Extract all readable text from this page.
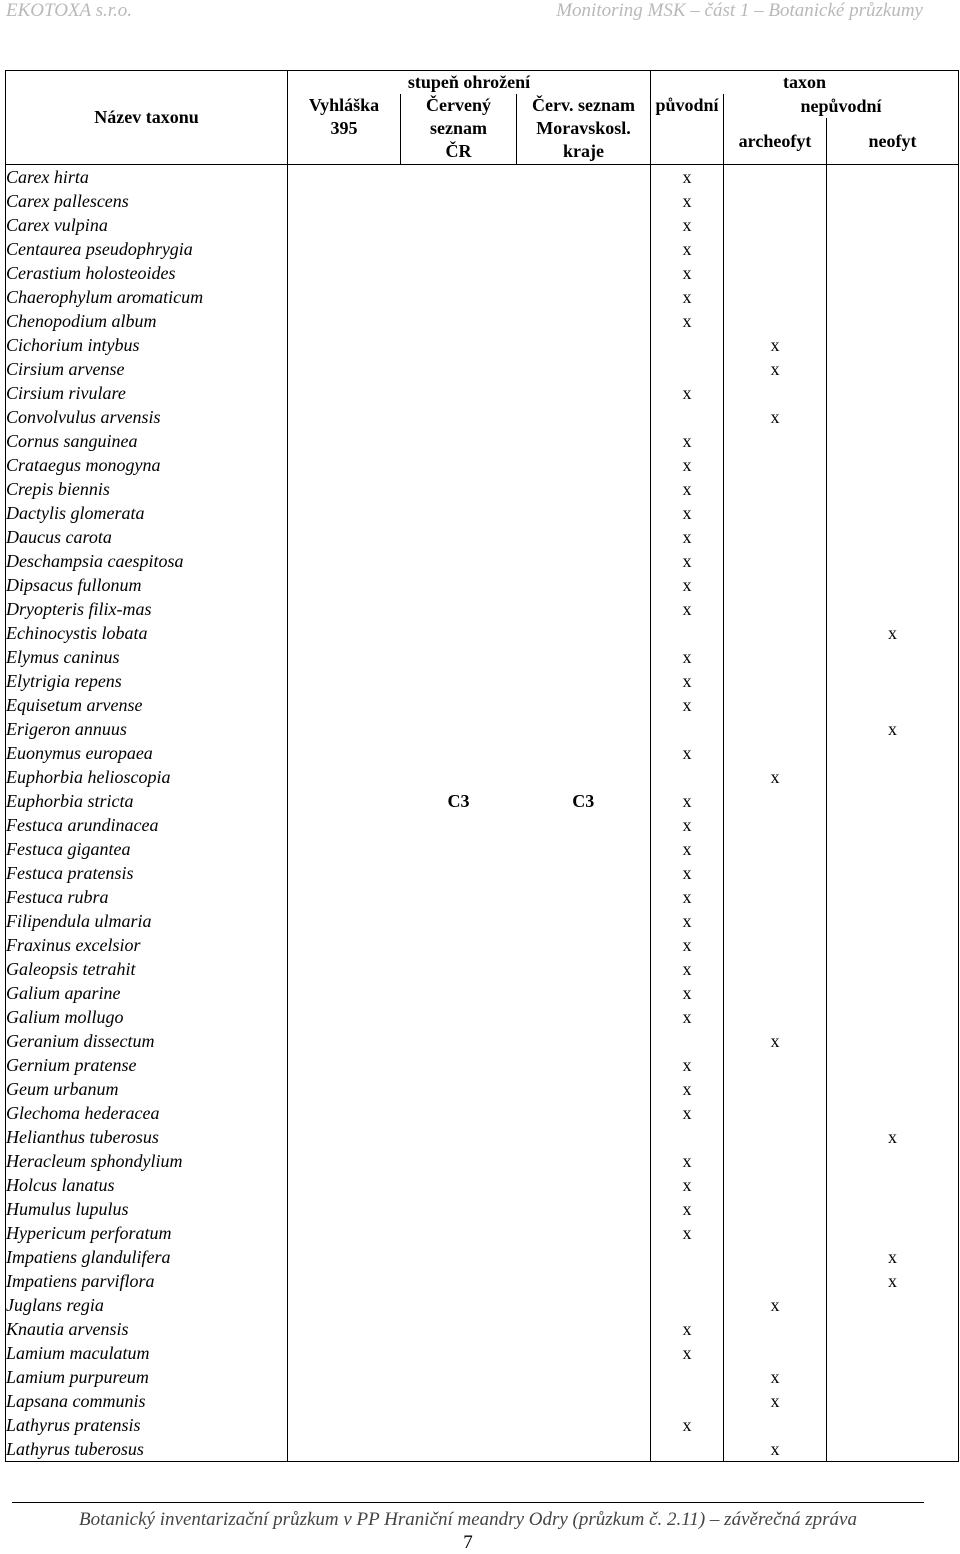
EKOTOXA s.r.o.	Monitoring MSK – část 1 – Botanické průzkumy
Název taxonu	stupeň ohrožení			taxon		
	Vyhláška 395	Červený seznam ČR	Červ. seznam Moravskosl. kraje	původní	nepůvodní	
					archeofyt	neofyt
Carex hirta				x		
Carex pallescens				x		
Carex vulpina				x		
Centaurea pseudophrygia				x		
Cerastium holosteoides				x		
Chaerophylum aromaticum				x		
Chenopodium album				x		
Cichorium intybus					x	
Cirsium arvense					x	
Cirsium rivulare				x		
Convolvulus arvensis					x	
Cornus sanguinea				x		
Crataegus monogyna				x		
Crepis biennis				x		
Dactylis glomerata				x		
Daucus carota				x		
Deschampsia caespitosa				x		
Dipsacus fullonum				x		
Dryopteris filix-mas				x		
Echinocystis lobata						x
Elymus caninus				x		
Elytrigia repens				x		
Equisetum arvense				x		
Erigeron annuus						x
Euonymus europaea				x		
Euphorbia helioscopia					x	
Euphorbia stricta		C3	C3	x		
Festuca arundinacea				x		
Festuca gigantea				x		
Festuca pratensis				x		
Festuca rubra				x		
Filipendula ulmaria				x		
Fraxinus excelsior				x		
Galeopsis tetrahit				x		
Galium aparine				x		
Galium mollugo				x		
Geranium dissectum					x	
Gernium pratense				x		
Geum urbanum				x		
Glechoma hederacea				x		
Helianthus tuberosus						x
Heracleum sphondylium				x		
Holcus lanatus				x		
Humulus lupulus				x		
Hypericum perforatum				x		
Impatiens glandulifera						x
Impatiens parviflora						x
Juglans regia					x	
Knautia arvensis				x		
Lamium maculatum				x		
Lamium purpureum					x	
Lapsana communis					x	
Lathyrus pratensis				x		
Lathyrus tuberosus					x	
Botanický inventarizační průzkum v PP Hraniční meandry Odry (průzkum č. 2.11) – závěrečná zpráva
7
